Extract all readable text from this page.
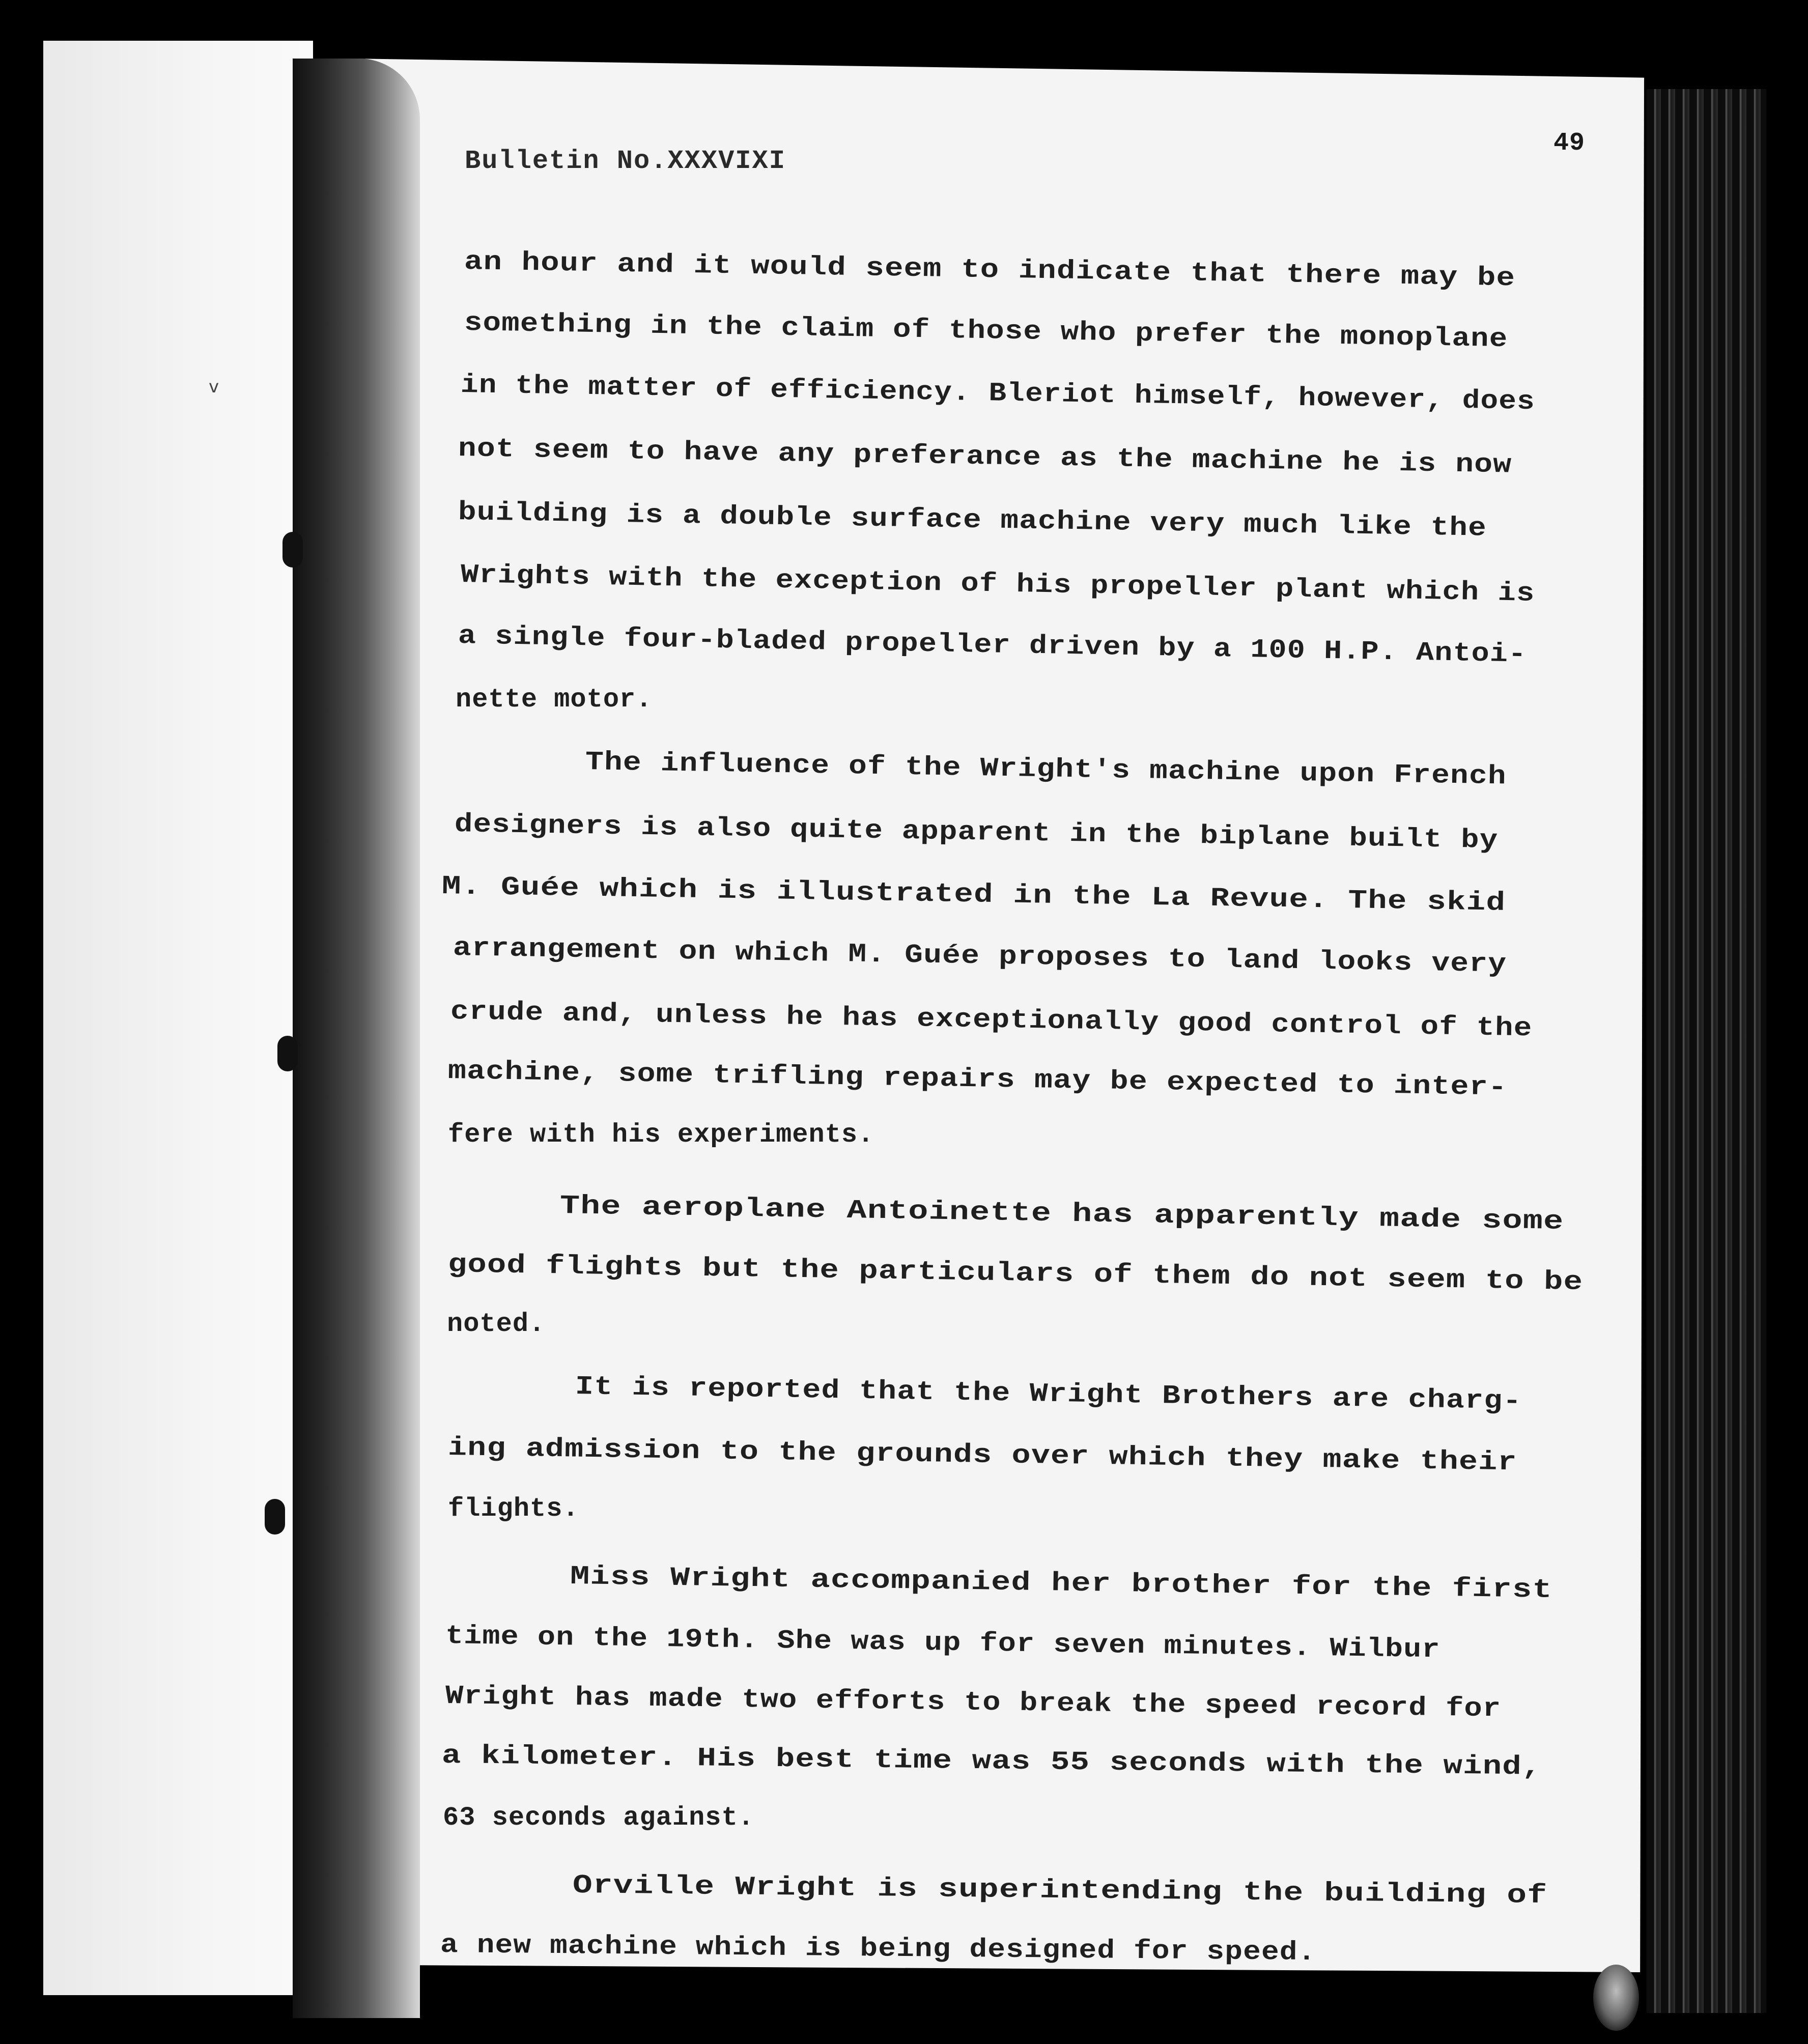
v
Bulletin No.XXXVIXI
49
an hour and it would seem to indicate that there may be
something in the claim of those who prefer the monoplane
in the matter of efficiency. Bleriot himself, however, does
not seem to have any preferance as the machine he is now
building is a double surface machine very much like the
Wrights with the exception of his propeller plant which is
a single four-bladed propeller driven by a 100 H.P. Antoi-
nette motor.
The influence of the Wright's machine upon French
designers is also quite apparent in the biplane built by
M. Guée which is illustrated in the La Revue. The skid
arrangement on which M. Guée proposes to land looks very
crude and, unless he has exceptionally good control of the
machine, some trifling repairs may be expected to inter-
fere with his experiments.
The aeroplane Antoinette has apparently made some
good flights but the particulars of them do not seem to be
noted.
It is reported that the Wright Brothers are charg-
ing admission to the grounds over which they make their
flights.
Miss Wright accompanied her brother for the first
time on the 19th. She was up for seven minutes. Wilbur
Wright has made two efforts to break the speed record for
a kilometer. His best time was 55 seconds with the wind,
63 seconds against.
Orville Wright is superintending the building of
a new machine which is being designed for speed.
